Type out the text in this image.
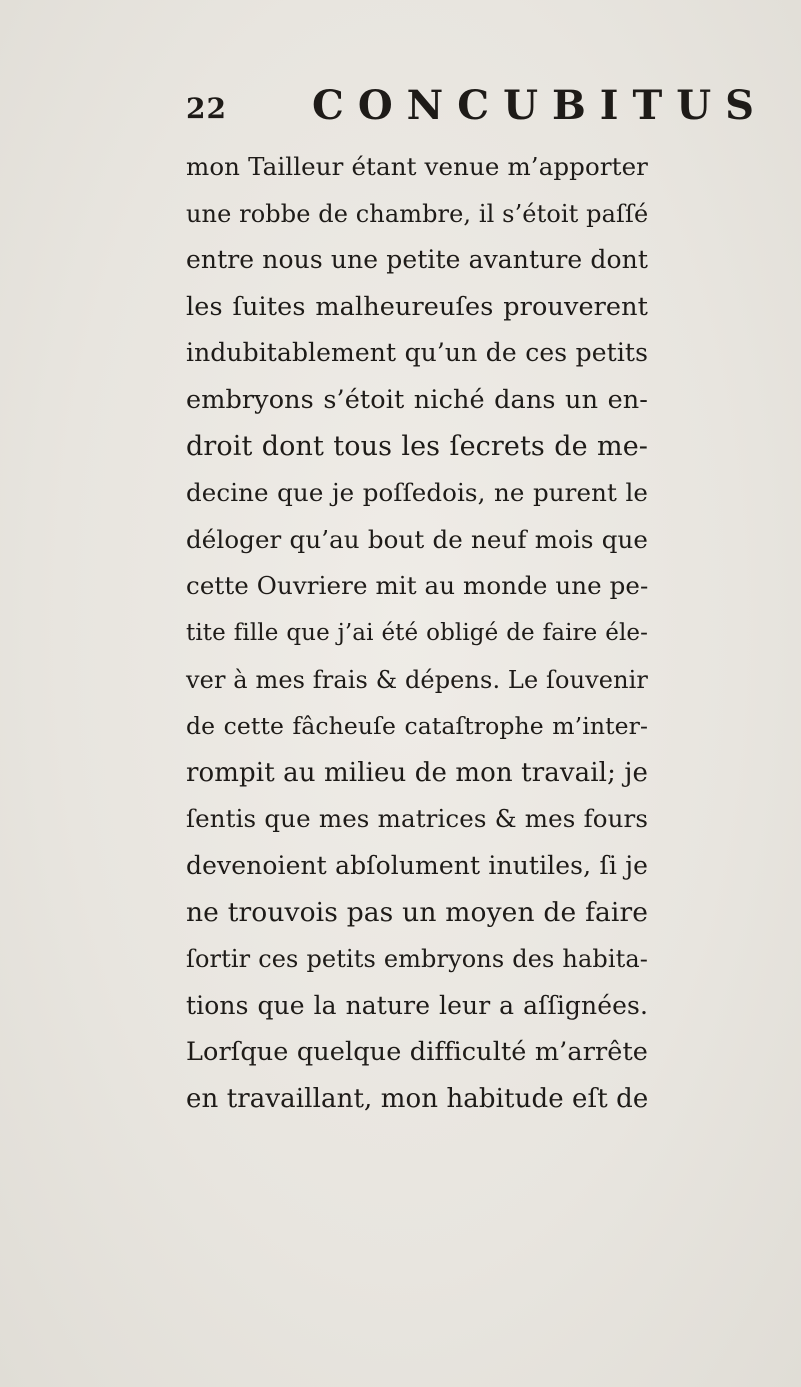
22 CONCUBITUS
mon Tailleur étant venue m’apporter
une robbe de chambre, il s’étoit paſſé
entre nous une petite avanture dont
les ſuites malheureuſes prouverent
indubitablement qu’un de ces petits
embryons s’étoit niché dans un en-
droit dont tous les ſecrets de me-
decine que je poſſedois, ne purent le
déloger qu’au bout de neuf mois que
cette Ouvriere mit au monde une pe-
tite fille que j’ai été obligé de faire éle-
ver à mes frais & dépens. Le ſouvenir
de cette fâcheuſe cataſtrophe m’inter-
rompit au milieu de mon travail; je
ſentis que mes matrices & mes fours
devenoient abſolument inutiles, ſi je
ne trouvois pas un moyen de faire
ſortir ces petits embryons des habita-
tions que la nature leur a aſſignées.
Lorſque quelque difficulté m’arrête
en travaillant, mon habitude eſt de
